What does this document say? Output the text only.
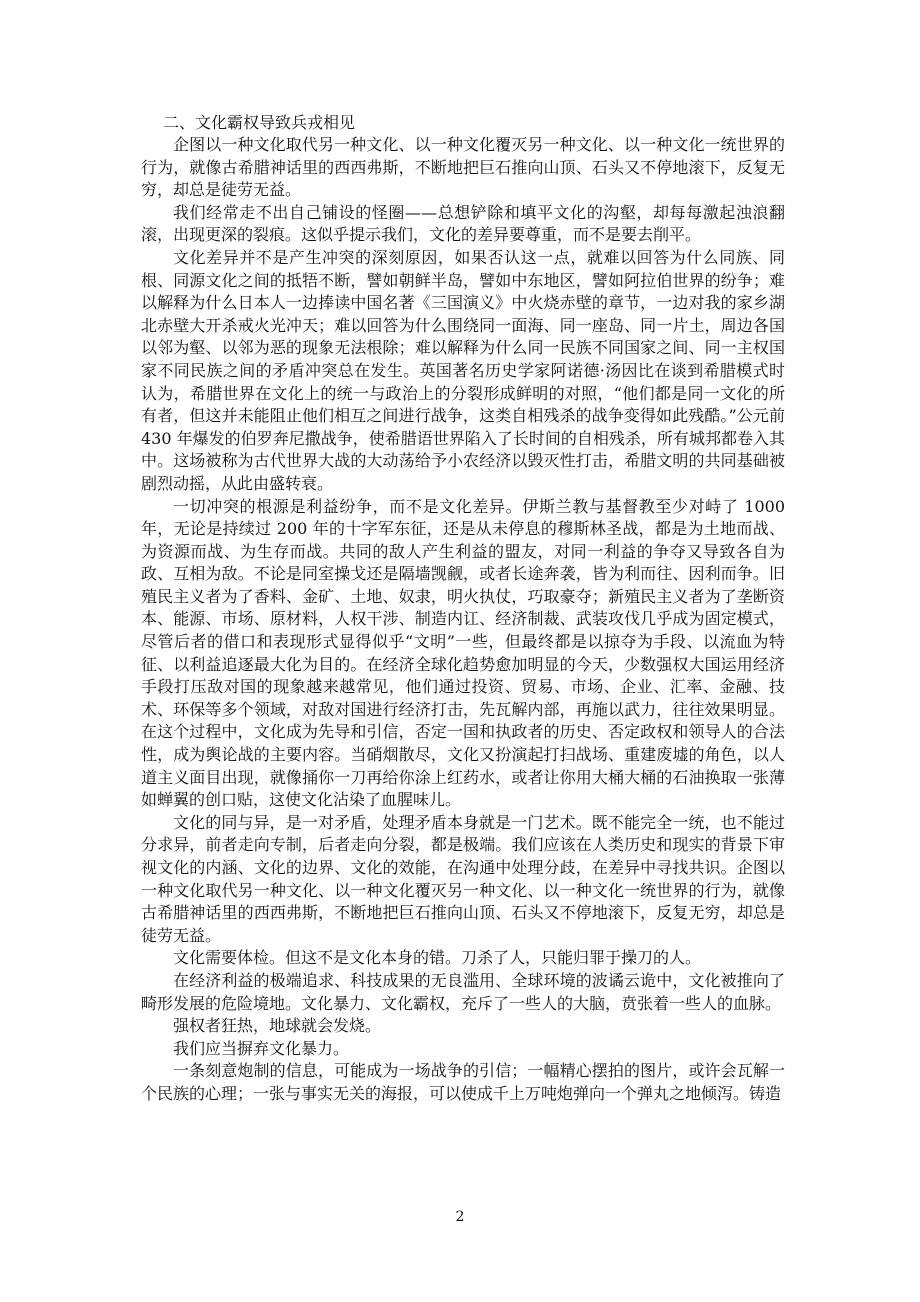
二、文化霸权导致兵戎相见

企图以一种文化取代另一种文化、以一种文化覆灭另一种文化、以一种文化一统世界的行为，就像古希腊神话里的西西弗斯，不断地把巨石推向山顶、石头又不停地滚下，反复无穷，却总是徒劳无益。

我们经常走不出自己铺设的怪圈——总想铲除和填平文化的沟壑，却每每激起浊浪翻滚，出现更深的裂痕。这似乎提示我们，文化的差异要尊重，而不是要去削平。

文化差异并不是产生冲突的深刻原因，如果否认这一点，就难以回答为什么同族、同根、同源文化之间的抵牾不断，譬如朝鲜半岛，譬如中东地区，譬如阿拉伯世界的纷争；难以解释为什么日本人一边捧读中国名著《三国演义》中火烧赤壁的章节，一边对我的家乡湖北赤壁大开杀戒火光冲天；难以回答为什么围绕同一面海、同一座岛、同一片土，周边各国以邻为壑、以邻为恶的现象无法根除；难以解释为什么同一民族不同国家之间、同一主权国家不同民族之间的矛盾冲突总在发生。英国著名历史学家阿诺德·汤因比在谈到希腊模式时认为，希腊世界在文化上的统一与政治上的分裂形成鲜明的对照，“他们都是同一文化的所有者，但这并未能阻止他们相互之间进行战争，这类自相残杀的战争变得如此残酷。”公元前 430 年爆发的伯罗奔尼撒战争，使希腊语世界陷入了长时间的自相残杀，所有城邦都卷入其中。这场被称为古代世界大战的大动荡给予小农经济以毁灭性打击，希腊文明的共同基础被剧烈动摇，从此由盛转衰。

一切冲突的根源是利益纷争，而不是文化差异。伊斯兰教与基督教至少对峙了 1000 年，无论是持续过 200 年的十字军东征，还是从未停息的穆斯林圣战，都是为土地而战、为资源而战、为生存而战。共同的敌人产生利益的盟友，对同一利益的争夺又导致各自为政、互相为敌。不论是同室操戈还是隔墙觊觎，或者长途奔袭，皆为利而往、因利而争。旧殖民主义者为了香料、金矿、土地、奴隶，明火执仗，巧取豪夺；新殖民主义者为了垄断资本、能源、市场、原材料，人权干涉、制造内讧、经济制裁、武装攻伐几乎成为固定模式，尽管后者的借口和表现形式显得似乎“文明”一些，但最终都是以掠夺为手段、以流血为特征、以利益追逐最大化为目的。在经济全球化趋势愈加明显的今天，少数强权大国运用经济手段打压敌对国的现象越来越常见，他们通过投资、贸易、市场、企业、汇率、金融、技术、环保等多个领域，对敌对国进行经济打击，先瓦解内部，再施以武力，往往效果明显。在这个过程中，文化成为先导和引信，否定一国和执政者的历史、否定政权和领导人的合法性，成为舆论战的主要内容。当硝烟散尽，文化又扮演起打扫战场、重建废墟的角色，以人道主义面目出现，就像捅你一刀再给你涂上红药水，或者让你用大桶大桶的石油换取一张薄如蝉翼的创口贴，这使文化沾染了血腥味儿。

文化的同与异，是一对矛盾，处理矛盾本身就是一门艺术。既不能完全一统，也不能过分求异，前者走向专制，后者走向分裂，都是极端。我们应该在人类历史和现实的背景下审视文化的内涵、文化的边界、文化的效能，在沟通中处理分歧，在差异中寻找共识。企图以一种文化取代另一种文化、以一种文化覆灭另一种文化、以一种文化一统世界的行为，就像古希腊神话里的西西弗斯，不断地把巨石推向山顶、石头又不停地滚下，反复无穷，却总是徒劳无益。

文化需要体检。但这不是文化本身的错。刀杀了人，只能归罪于操刀的人。

在经济利益的极端追求、科技成果的无良滥用、全球环境的波谲云诡中，文化被推向了畸形发展的危险境地。文化暴力、文化霸权，充斥了一些人的大脑，贲张着一些人的血脉。

强权者狂热，地球就会发烧。

我们应当摒弃文化暴力。

一条刻意炮制的信息，可能成为一场战争的引信；一幅精心摆拍的图片，或许会瓦解一个民族的心理；一张与事实无关的海报，可以使成千上万吨炮弹向一个弹丸之地倾泻。铸造

2
